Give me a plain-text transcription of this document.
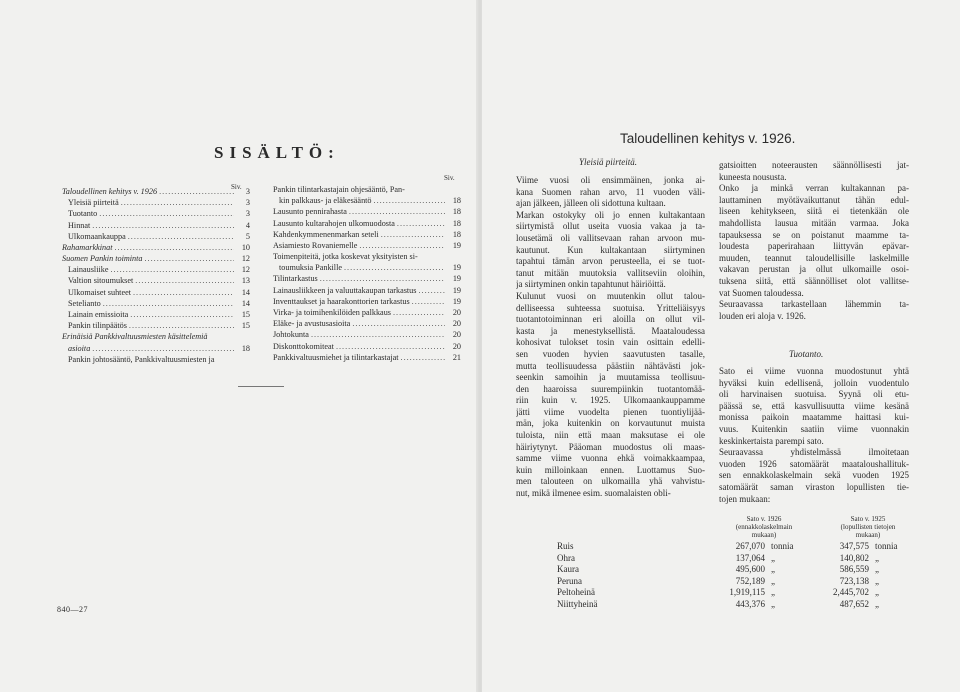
SISÄLTÖ:
Siv.
Siv.
Taloudellinen kehitys v. 1926 .....	3
Yleisiä piirteitä .....	3
Tuotanto .....	3
Hinnat .....	4
Ulkomaankauppa .....	5
Rahamarkkinat .....	10
Suomen Pankin toiminta .....	12
Lainausliike .....	12
Valtion sitoumukset .....	13
Ulkomaiset suhteet .....	14
Setelianto .....	14
Lainain emissioita .....	15
Pankin tilinpäätös .....	15
Erinäisiä Pankkivaltuusmiesten käsittelemiä
asioita .....	18
Pankin johtosääntö, Pankkivaltuusmiesten ja
Pankin tilintarkastajain ohjesääntö, Pan-
kin palkkaus- ja eläkesääntö .....	18
Lausunto pennirahasta .....	18
Lausunto kultarahojen ulkomuodosta .....	18
Kahdenkymmenenmarkan seteli .....	18
Asiamiesto Rovaniemelle .....	19
Toimenpiteitä, jotka koskevat yksityisten si-
toumuksia Pankille .....	19
Tilintarkastus .....	19
Lainausliikkeen ja valuuttakaupan tarkastus .....	19
Inventtaukset ja haarakonttorien tarkastus .....	19
Virka- ja toimihenkilöiden palkkaus .....	20
Eläke- ja avustusasioita .....	20
Johtokunta .....	20
Diskonttokomiteat .....	20
Pankkivaltuusmiehet ja tilintarkastajat .....	21
840—27
Taloudellinen kehitys v. 1926.
Yleisiä piirteitä.
Viime vuosi oli ensimmäinen, jonka ai-
kana Suomen rahan arvo, 11 vuoden väli-
ajan jälkeen, jälleen oli sidottuna kultaan.
Markan ostokyky oli jo ennen kultakantaan
siirtymistä ollut useita vuosia vakaa ja ta-
lousetämä oli vallitsevaan rahan arvoon mu-
kautunut. Kun kultakantaan siirtyminen
tapahtui tämän arvon perusteella, ei se tuot-
tanut mitään muutoksia vallitseviin oloihin,
ja siirtyminen onkin tapahtunut häiriöittä.
Kulunut vuosi on muutenkin ollut talou-
delliseessa suhteessa suotuisa. Yritteliäisyys
tuotantotoiminnan eri aloilla on ollut vil-
kasta ja menestyksellistä. Maataloudessa
kohosivat tulokset tosin vain osittain edelli-
sen vuoden hyvien saavutusten tasalle,
mutta teollisuudessa päästiin nähtävästi jok-
seenkin samoihin ja muutamissa teollisuu-
den haaroissa suurempiinkin tuotantomää-
riin kuin v. 1925. Ulkomaankauppamme
jätti viime vuodelta pienen tuontiylijää-
män, joka kuitenkin on korvautunut muista
tuloista, niin että maan maksutase ei ole
häiriytynyt. Pääoman muodostus oli maas-
samme viime vuonna ehkä voimakkaampaa,
kuin milloinkaan ennen. Luottamus Suo-
men talouteen on ulkomailla yhä vahvistu-
nut, mikä ilmenee esim. suomalaisten obli-
gatsioitten noteerausten säännöllisesti jat-
kuneesta noususta.
Onko ja minkä verran kultakannan pa-
lauttaminen myötävaikuttanut tähän edul-
liseen kehitykseen, siitä ei tietenkään ole
mahdollista lausua mitään varmaa. Joka
tapauksessa se on poistanut maamme ta-
loudesta paperirahaan liittyvän epävar-
muuden, teannut taloudellisille laskelmille
vakavan perustan ja ollut ulkomaille osoi-
tuksena siitä, että säännölliset olot vallitse-
vat Suomen taloudessa.
Seuraavassa tarkastellaan lähemmin ta-
louden eri aloja v. 1926.
Tuotanto.
Sato ei viime vuonna muodostunut yhtä
hyväksi kuin edellisenä, jolloin vuodentulo
oli harvinaisen suotuisa. Syynä oli etu-
päässä se, että kasvullisuutta viime kesänä
monissa paikoin maatamme haittasi kui-
vuus. Kuitenkin saatiin viime vuonnakin
keskinkertaista parempi sato.
Seuraavassa yhdistelmässä ilmoitetaan
vuoden 1926 satomäärät maataloushallituk-
sen ennakkolaskelmain sekä vuoden 1925
satomäärät saman viraston lopullisten tie-
tojen mukaan:
	Sato v. 1926
(ennakkolaskelmain
mukaan)		Sato v. 1925
(lopullisten tietojen
mukaan)	
Ruis	267,070	tonnia	347,575	tonnia
Ohra	137,064	„	140,802	„
Kaura	495,600	„	586,559	„
Peruna	752,189	„	723,138	„
Peltoheinä	1,919,115	„	2,445,702	„
Niittyheinä	443,376	„	487,652	„
